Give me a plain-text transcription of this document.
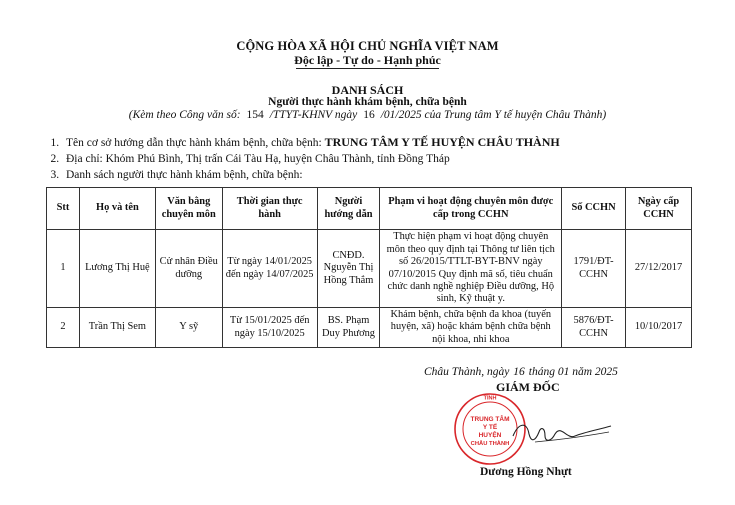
CỘNG HÒA XÃ HỘI CHỦ NGHĨA VIỆT NAM
Độc lập - Tự do - Hạnh phúc
DANH SÁCH
Người thực hành khám bệnh, chữa bệnh
(Kèm theo Công văn số: 154 /TTYT-KHNV ngày 16 /01/2025 của Trung tâm Y tế huyện Châu Thành)
1. Tên cơ sở hướng dẫn thực hành khám bệnh, chữa bệnh: TRUNG TÂM Y TẾ HUYỆN CHÂU THÀNH
2. Địa chỉ: Khóm Phú Bình, Thị trấn Cái Tàu Hạ, huyện Châu Thành, tỉnh Đồng Tháp
3. Danh sách người thực hành khám bệnh, chữa bệnh:
Stt	Họ và tên	Văn bằng chuyên môn	Thời gian thực hành	Người hướng dẫn	Phạm vi hoạt động chuyên môn được cấp trong CCHN	Số CCHN	Ngày cấp CCHN
1	Lương Thị Huệ	Cử nhân Điều dưỡng	Từ ngày 14/01/2025 đến ngày 14/07/2025	CNĐD. Nguyễn Thị Hồng Thắm	Thực hiện phạm vi hoạt động chuyên môn theo quy định tại Thông tư liên tịch số 26/2015/TTLT-BYT-BNV ngày 07/10/2015 Quy định mã số, tiêu chuẩn chức danh nghề nghiệp Điều dưỡng, Hộ sinh, Kỹ thuật y.	1791/ĐT-CCHN	27/12/2017
2	Trần Thị Sem	Y sỹ	Từ 15/01/2025 đến ngày 15/10/2025	BS. Phạm Duy Phương	Khám bệnh, chữa bệnh đa khoa (tuyến huyện, xã) hoặc khám bệnh chữa bệnh nội khoa, nhi khoa	5876/ĐT-CCHN	10/10/2017
Châu Thành, ngày 16 tháng 01 năm 2025
GIÁM ĐỐC
TỈNH
TRUNG TÂM
Y TẾ
HUYỆN
CHÂU THÀNH
Dương Hồng Nhựt
